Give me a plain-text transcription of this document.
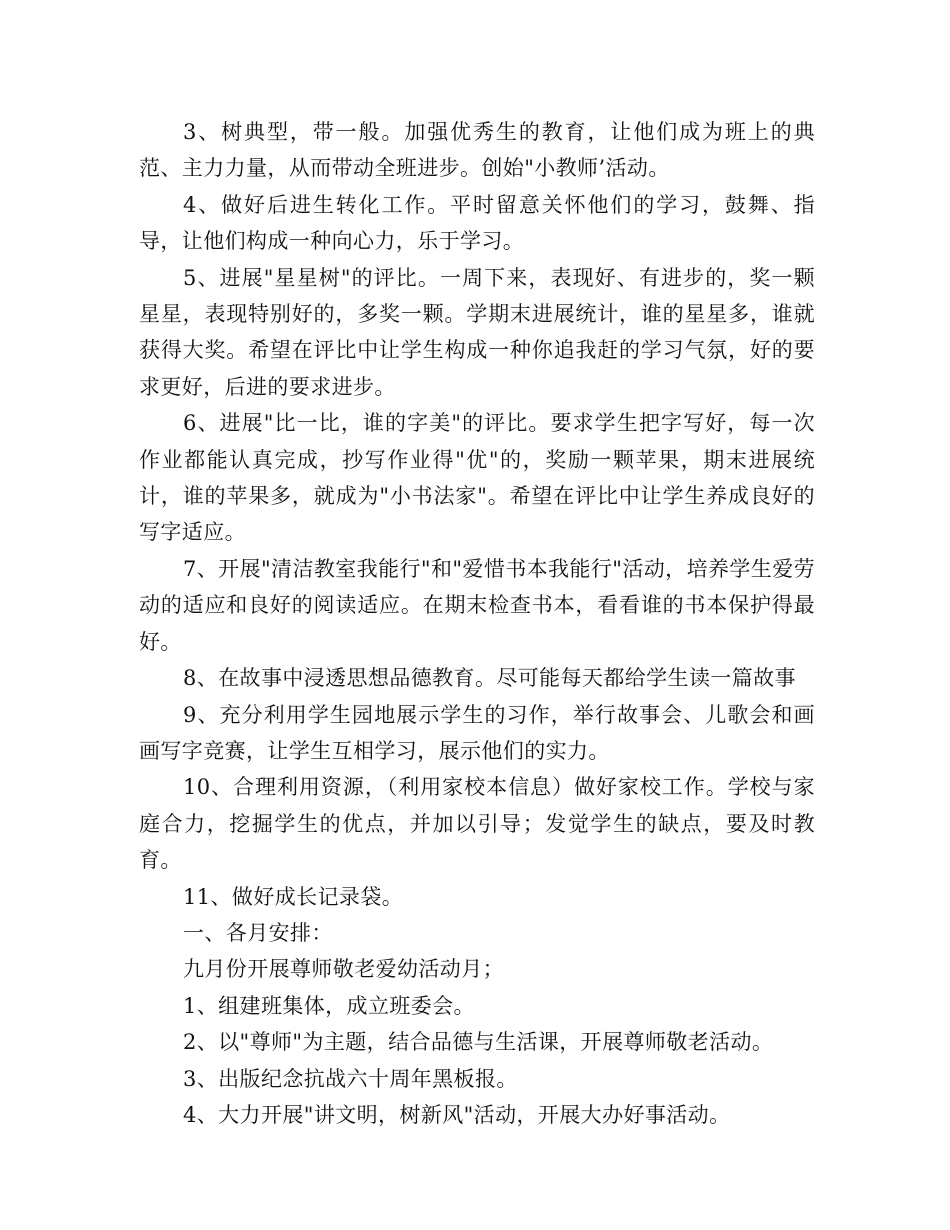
3、树典型，带一般。加强优秀生的教育，让他们成为班上的典范、主力力量，从而带动全班进步。创始"小教师’活动。

4、做好后进生转化工作。平时留意关怀他们的学习，鼓舞、指导，让他们构成一种向心力，乐于学习。

5、进展"星星树"的评比。一周下来，表现好、有进步的，奖一颗星星，表现特别好的，多奖一颗。学期末进展统计，谁的星星多，谁就获得大奖。希望在评比中让学生构成一种你追我赶的学习气氛，好的要求更好，后进的要求进步。

6、进展"比一比，谁的字美"的评比。要求学生把字写好，每一次作业都能认真完成，抄写作业得"优"的，奖励一颗苹果，期末进展统计，谁的苹果多，就成为"小书法家"。希望在评比中让学生养成良好的写字适应。

7、开展"清洁教室我能行"和"爱惜书本我能行"活动，培养学生爱劳动的适应和良好的阅读适应。在期末检查书本，看看谁的书本保护得最好。

8、在故事中浸透思想品德教育。尽可能每天都给学生读一篇故事

9、充分利用学生园地展示学生的习作，举行故事会、儿歌会和画画写字竞赛，让学生互相学习，展示他们的实力。

10、合理利用资源，（利用家校本信息）做好家校工作。学校与家庭合力，挖掘学生的优点，并加以引导；发觉学生的缺点，要及时教育。

11、做好成长记录袋。

一、各月安排：

九月份开展尊师敬老爱幼活动月；

1、组建班集体，成立班委会。

2、以"尊师"为主题，结合品德与生活课，开展尊师敬老活动。

3、出版纪念抗战六十周年黑板报。

4、大力开展"讲文明，树新风"活动，开展大办好事活动。
